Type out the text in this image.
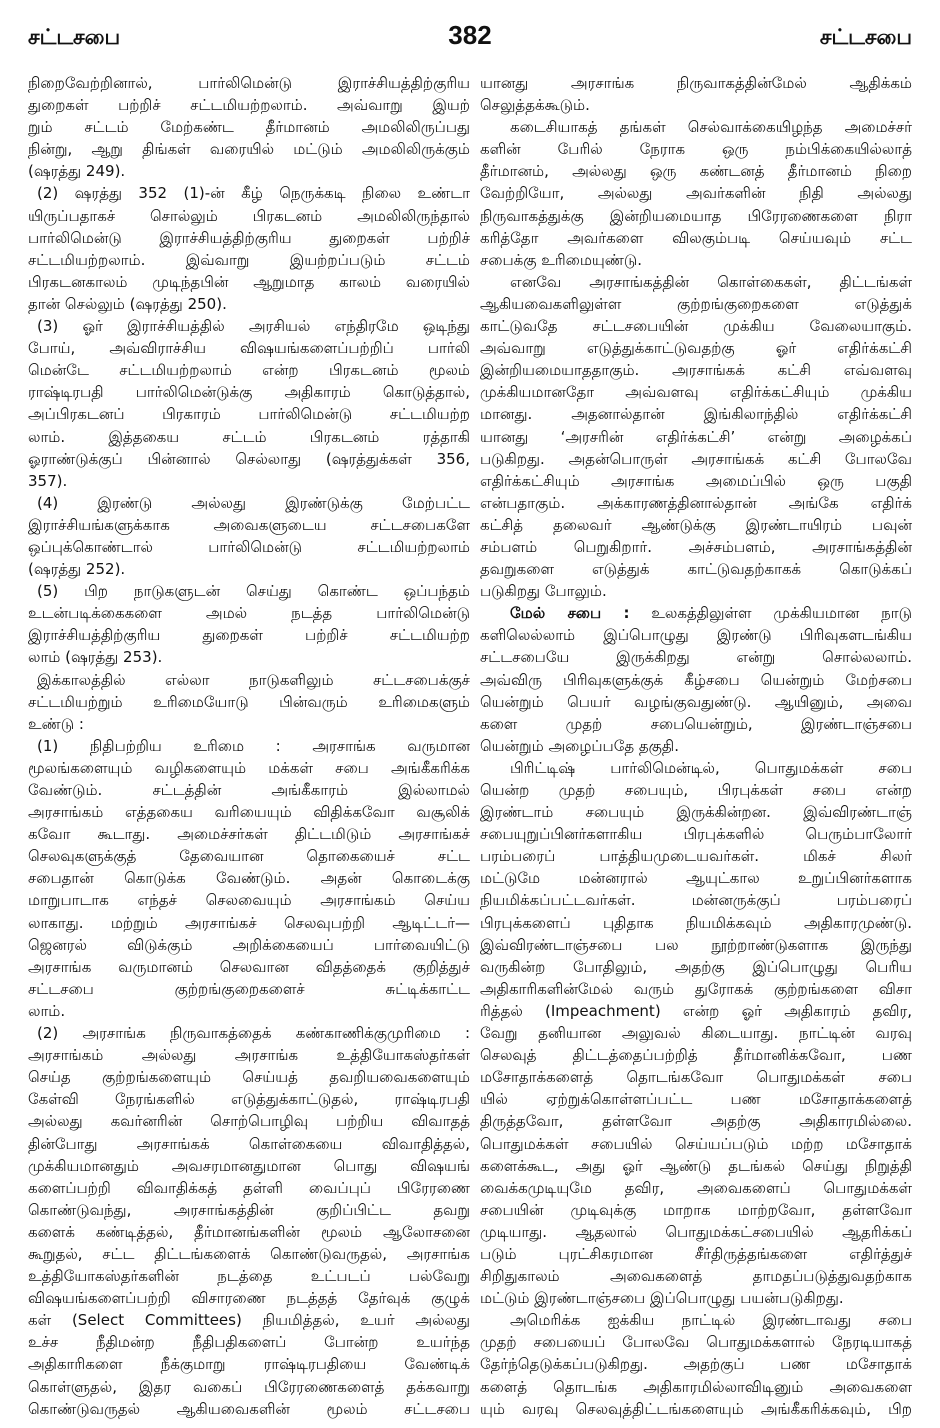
சட்டசபை	382	சட்டசபை
நிறைவேற்றினால், பார்லிமென்டு இராச்சியத்திற்குரிய
துறைகள் பற்றிச் சட்டமியற்றலாம். அவ்வாறு இயற்
றும் சட்டம் மேற்கண்ட தீர்மானம் அமலிலிருப்பது
நின்று, ஆறு திங்கள் வரையில் மட்டும் அமலிலிருக்கும்
(ஷரத்து 249).
(2) ஷரத்து 352 (1)-ன் கீழ் நெருக்கடி நிலை உண்டா
யிருப்பதாகச் சொல்லும் பிரகடனம் அமலிலிருந்தால்
பார்லிமென்டு இராச்சியத்திற்குரிய துறைகள் பற்றிச்
சட்டமியற்றலாம். இவ்வாறு இயற்றப்படும் சட்டம்
பிரகடனகாலம் முடிந்தபின் ஆறுமாத காலம் வரையில்
தான் செல்லும் (ஷரத்து 250).
(3) ஓர் இராச்சியத்தில் அரசியல் எந்திரமே ஒடிந்து
போய், அவ்விராச்சிய விஷயங்களைப்பற்றிப் பார்லி
மென்டே சட்டமியற்றலாம் என்ற பிரகடனம் மூலம்
ராஷ்டிரபதி பார்லிமென்டுக்கு அதிகாரம் கொடுத்தால்,
அப்பிரகடனப் பிரகாரம் பார்லிமென்டு சட்டமியற்ற
லாம். இத்தகைய சட்டம் பிரகடனம் ரத்தாகி
ஓராண்டுக்குப் பின்னால் செல்லாது (ஷரத்துக்கள் 356,
357).
(4) இரண்டு அல்லது இரண்டுக்கு மேற்பட்ட
இராச்சியங்களுக்காக அவைகளுடைய சட்டசபைகளே
ஒப்புக்கொண்டால் பார்லிமென்டு சட்டமியற்றலாம்
(ஷரத்து 252).
(5) பிற நாடுகளுடன் செய்து கொண்ட ஒப்பந்தம்
உடன்படிக்கைகளை அமல் நடத்த பார்லிமென்டு
இராச்சியத்திற்குரிய துறைகள் பற்றிச் சட்டமியற்ற
லாம் (ஷரத்து 253).
இக்காலத்தில் எல்லா நாடுகளிலும் சட்டசபைக்குச்
சட்டமியற்றும் உரிமையோடு பின்வரும் உரிமைகளும்
உண்டு :
(1) நிதிபற்றிய உரிமை : அரசாங்க வருமான
மூலங்களையும் வழிகளையும் மக்கள் சபை அங்கீகரிக்க
வேண்டும். சட்டத்தின் அங்கீகாரம் இல்லாமல்
அரசாங்கம் எத்தகைய வரியையும் விதிக்கவோ வசூலிக்
கவோ கூடாது. அமைச்சர்கள் திட்டமிடும் அரசாங்கச்
செலவுகளுக்குத் தேவையான தொகையைச் சட்ட
சபைதான் கொடுக்க வேண்டும். அதன் கொடைக்கு
மாறுபாடாக எந்தச் செலவையும் அரசாங்கம் செய்ய
லாகாது. மற்றும் அரசாங்கச் செலவுபற்றி ஆடிட்டர்—
ஜெனரல் விடுக்கும் அறிக்கையைப் பார்வையிட்டு
அரசாங்க வருமானம் செலவான விதத்தைக் குறித்துச்
சட்டசபை குற்றங்குறைகளைச் சுட்டிக்காட்ட
லாம்.
(2) அரசாங்க நிருவாகத்தைக் கண்காணிக்குமுரிமை :
அரசாங்கம் அல்லது அரசாங்க உத்தியோகஸ்தர்கள்
செய்த குற்றங்களையும் செய்யத் தவறியவைகளையும்
கேள்வி நேரங்களில் எடுத்துக்காட்டுதல், ராஷ்டிரபதி
அல்லது கவர்னரின் சொற்பொழிவு பற்றிய விவாதத்
தின்போது அரசாங்கக் கொள்கையை விவாதித்தல்,
முக்கியமானதும் அவசரமானதுமான பொது விஷயங்
களைப்பற்றி விவாதிக்கத் தள்ளி வைப்புப் பிரேரணை
கொண்டுவந்து, அரசாங்கத்தின் குறிப்பிட்ட தவறு
களைக் கண்டித்தல், தீர்மானங்களின் மூலம் ஆலோசனை
கூறுதல், சட்ட திட்டங்களைக் கொண்டுவருதல், அரசாங்க
உத்தியோகஸ்தர்களின் நடத்தை உட்படப் பல்வேறு
விஷயங்களைப்பற்றி விசாரணை நடத்தத் தேர்வுக் குழுக்
கள் (Select Committees) நியமித்தல், உயர் அல்லது
உச்ச நீதிமன்ற நீதிபதிகளைப் போன்ற உயர்ந்த
அதிகாரிகளை நீக்குமாறு ராஷ்டிரபதியை வேண்டிக்
கொள்ளுதல், இதர வகைப் பிரேரணைகளைத் தக்கவாறு
கொண்டுவருதல் ஆகியவைகளின் மூலம் சட்டசபை
யானது அரசாங்க நிருவாகத்தின்மேல் ஆதிக்கம்
செலுத்தக்கூடும்.
கடைசியாகத் தங்கள் செல்வாக்கையிழந்த அமைச்சர்
களின் பேரில் நேராக ஒரு நம்பிக்கையில்லாத்
தீர்மானம், அல்லது ஒரு கண்டனத் தீர்மானம் நிறை
வேற்றியோ, அல்லது அவர்களின் நிதி அல்லது
நிருவாகத்துக்கு இன்றியமையாத பிரேரணைகளை நிரா
கரித்தோ அவர்களை விலகும்படி செய்யவும் சட்ட
சபைக்கு உரிமையுண்டு.
எனவே அரசாங்கத்தின் கொள்கைகள், திட்டங்கள்
ஆகியவைகளிலுள்ள குற்றங்குறைகளை எடுத்துக்
காட்டுவதே சட்டசபையின் முக்கிய வேலையாகும்.
அவ்வாறு எடுத்துக்காட்டுவதற்கு ஓர் எதிர்க்கட்சி
இன்றியமையாததாகும். அரசாங்கக் கட்சி எவ்வளவு
முக்கியமானதோ அவ்வளவு எதிர்க்கட்சியும் முக்கிய
மானது. அதனால்தான் இங்கிலாந்தில் எதிர்க்கட்சி
யானது ‘அரசரின் எதிர்க்கட்சி’ என்று அழைக்கப்
படுகிறது. அதன்பொருள் அரசாங்கக் கட்சி போலவே
எதிர்க்கட்சியும் அரசாங்க அமைப்பில் ஒரு பகுதி
என்பதாகும். அக்காரணத்தினால்தான் அங்கே எதிர்க்
கட்சித் தலைவர் ஆண்டுக்கு இரண்டாயிரம் பவுன்
சம்பளம் பெறுகிறார். அச்சம்பளம், அரசாங்கத்தின்
தவறுகளை எடுத்துக் காட்டுவதற்காகக் கொடுக்கப்
படுகிறது போலும்.
மேல் சபை : உலகத்திலுள்ள முக்கியமான நாடு
களிலெல்லாம் இப்பொழுது இரண்டு பிரிவுகளடங்கிய
சட்டசபையே இருக்கிறது என்று சொல்லலாம்.
அவ்விரு பிரிவுகளுக்குக் கீழ்சபை யென்றும் மேற்சபை
யென்றும் பெயர் வழங்குவதுண்டு. ஆயினும், அவை
களை முதற் சபையென்றும், இரண்டாஞ்சபை
யென்றும் அழைப்பதே தகுதி.
பிரிட்டிஷ் பார்லிமென்டில், பொதுமக்கள் சபை
யென்ற முதற் சபையும், பிரபுக்கள் சபை என்ற
இரண்டாம் சபையும் இருக்கின்றன. இவ்விரண்டாஞ்
சபையுறுப்பினர்களாகிய பிரபுக்களில் பெரும்பாலோர்
பரம்பரைப் பாத்தியமுடையவர்கள். மிகச் சிலர்
மட்டுமே மன்னரால் ஆயுட்கால உறுப்பினர்களாக
நியமிக்கப்பட்டவர்கள். மன்னருக்குப் பரம்பரைப்
பிரபுக்களைப் புதிதாக நியமிக்கவும் அதிகாரமுண்டு.
இவ்விரண்டாஞ்சபை பல நூற்றாண்டுகளாக இருந்து
வருகின்ற போதிலும், அதற்கு இப்பொழுது பெரிய
அதிகாரிகளின்மேல் வரும் துரோகக் குற்றங்களை விசா
ரித்தல் (Impeachment) என்ற ஓர் அதிகாரம் தவிர,
வேறு தனியான அலுவல் கிடையாது. நாட்டின் வரவு
செலவுத் திட்டத்தைப்பற்றித் தீர்மானிக்கவோ, பண
மசோதாக்களைத் தொடங்கவோ பொதுமக்கள் சபை
யில் ஏற்றுக்கொள்ளப்பட்ட பண மசோதாக்களைத்
திருத்தவோ, தள்ளவோ அதற்கு அதிகாரமில்லை.
பொதுமக்கள் சபையில் செய்யப்படும் மற்ற மசோதாக்
களைக்கூட, அது ஓர் ஆண்டு தடங்கல் செய்து நிறுத்தி
வைக்கமுடியுமே தவிர, அவைகளைப் பொதுமக்கள்
சபையின் முடிவுக்கு மாறாக மாற்றவோ, தள்ளவோ
முடியாது. ஆதலால் பொதுமக்கட்சபையில் ஆதரிக்கப்
படும் புரட்சிகரமான சீர்திருத்தங்களை எதிர்த்துச்
சிறிதுகாலம் அவைகளைத் தாமதப்படுத்துவதற்காக
மட்டும் இரண்டாஞ்சபை இப்பொழுது பயன்படுகிறது.
அமெரிக்க ஐக்கிய நாட்டில் இரண்டாவது சபை
முதற் சபையைப் போலவே பொதுமக்களால் நேரடியாகத்
தேர்ந்தெடுக்கப்படுகிறது. அதற்குப் பண மசோதாக்
களைத் தொடங்க அதிகாரமில்லாவிடினும் அவைகளை
யும் வரவு செலவுத்திட்டங்களையும் அங்கீகரிக்கவும், பிற
